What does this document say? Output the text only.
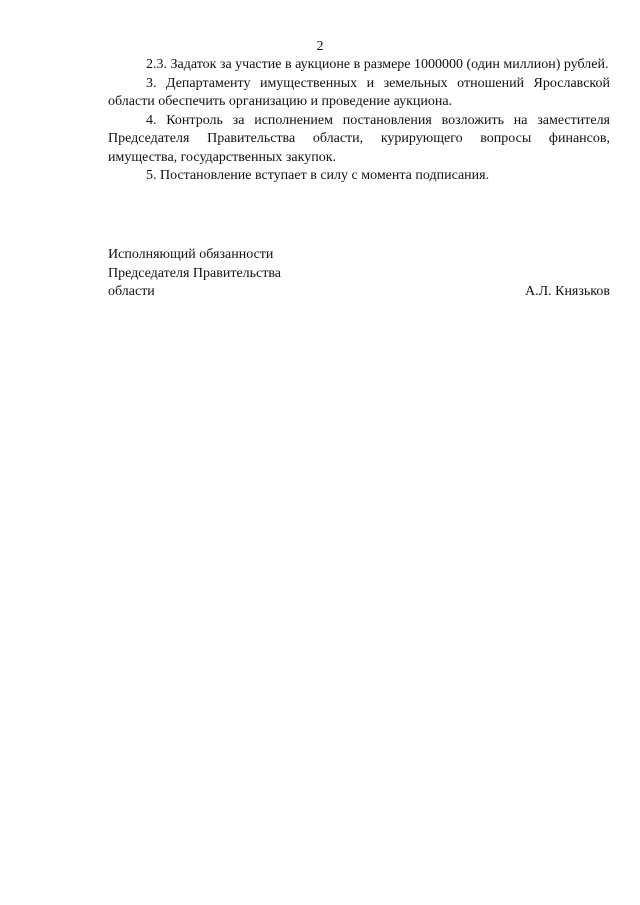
2

2.3. Задаток за участие в аукционе в размере 1000000 (один миллион) рублей.

3. Департаменту имущественных и земельных отношений Ярославской области обеспечить организацию и проведение аукциона.

4. Контроль за исполнением постановления возложить на заместителя Председателя Правительства области, курирующего вопросы финансов, имущества, государственных закупок.

5. Постановление вступает в силу с момента подписания.

Исполняющий обязанности
Председателя Правительства
области	А.Л. Князьков
